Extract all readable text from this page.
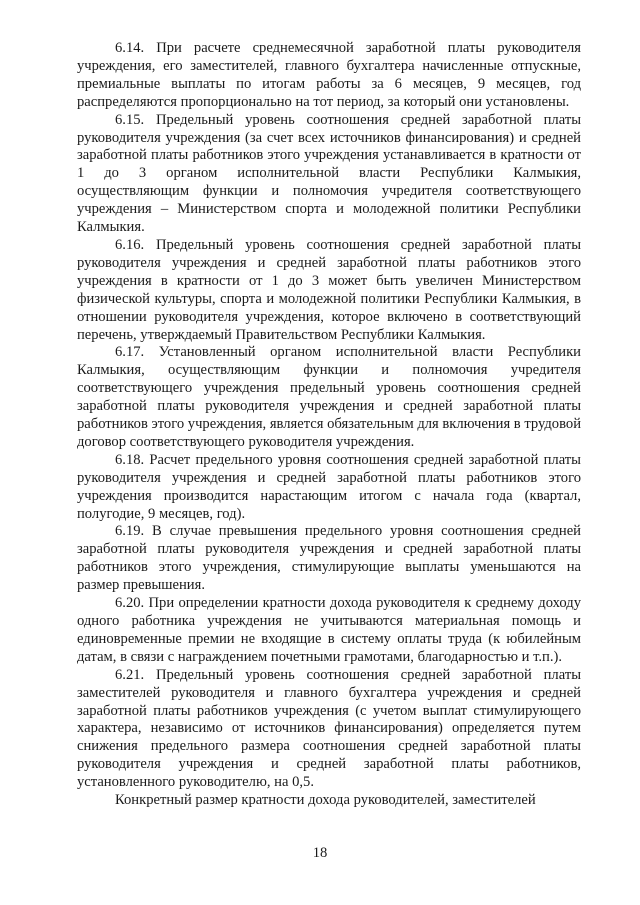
6.14. При расчете среднемесячной заработной платы руководителя учреждения, его заместителей, главного бухгалтера начисленные отпускные, премиальные выплаты по итогам работы за 6 месяцев, 9 месяцев, год распределяются пропорционально на тот период, за который они установлены.

6.15. Предельный уровень соотношения средней заработной платы руководителя учреждения (за счет всех источников финансирования) и средней заработной платы работников этого учреждения устанавливается в кратности от 1 до 3 органом исполнительной власти Республики Калмыкия, осуществляющим функции и полномочия учредителя соответствующего учреждения – Министерством спорта и молодежной политики Республики Калмыкия.

6.16. Предельный уровень соотношения средней заработной платы руководителя учреждения и средней заработной платы работников этого учреждения в кратности от 1 до 3 может быть увеличен Министерством физической культуры, спорта и молодежной политики Республики Калмыкия, в отношении руководителя учреждения, которое включено в соответствующий перечень, утверждаемый Правительством Республики Калмыкия.

6.17. Установленный органом исполнительной власти Республики Калмыкия, осуществляющим функции и полномочия учредителя соответствующего учреждения предельный уровень соотношения средней заработной платы руководителя учреждения и средней заработной платы работников этого учреждения, является обязательным для включения в трудовой договор соответствующего руководителя учреждения.

6.18. Расчет предельного уровня соотношения средней заработной платы руководителя учреждения и средней заработной платы работников этого учреждения производится нарастающим итогом с начала года (квартал, полугодие, 9 месяцев, год).

6.19. В случае превышения предельного уровня соотношения средней заработной платы руководителя учреждения и средней заработной платы работников этого учреждения, стимулирующие выплаты уменьшаются на размер превышения.

6.20. При определении кратности дохода руководителя к среднему доходу одного работника учреждения не учитываются материальная помощь и единовременные премии не входящие в систему оплаты труда (к юбилейным датам, в связи с награждением почетными грамотами, благодарностью и т.п.).

6.21. Предельный уровень соотношения средней заработной платы заместителей руководителя и главного бухгалтера учреждения и средней заработной платы работников учреждения (с учетом выплат стимулирующего характера, независимо от источников финансирования) определяется путем снижения предельного размера соотношения средней заработной платы руководителя учреждения и средней заработной платы работников, установленного руководителю, на 0,5.

Конкретный размер кратности дохода руководителей, заместителей

18
